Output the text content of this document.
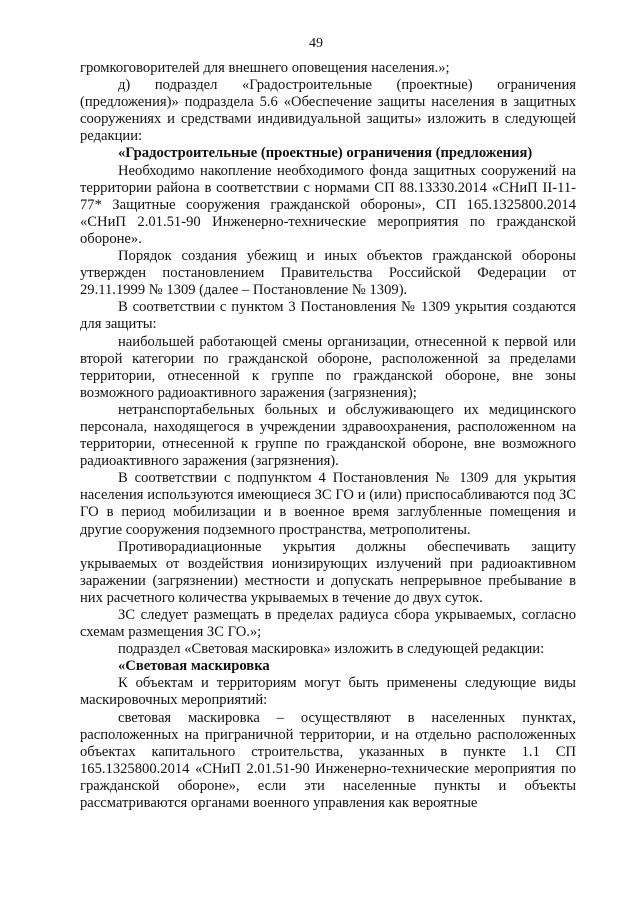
49

громкоговорителей для внешнего оповещения населения.»;

д) подраздел «Градостроительные (проектные) ограничения (предложения)» подраздела 5.6 «Обеспечение защиты населения в защитных сооружениях и средствами индивидуальной защиты» изложить в следующей редакции:

«Градостроительные (проектные) ограничения (предложения)

Необходимо накопление необходимого фонда защитных сооружений на территории района в соответствии с нормами СП 88.13330.2014 «СНиП II-11-77* Защитные сооружения гражданской обороны», СП 165.1325800.2014 «СНиП 2.01.51-90 Инженерно-технические мероприятия по гражданской обороне».

Порядок создания убежищ и иных объектов гражданской обороны утвержден постановлением Правительства Российской Федерации от 29.11.1999 № 1309 (далее – Постановление № 1309).

В соответствии с пунктом 3 Постановления № 1309 укрытия создаются для защиты:

наибольшей работающей смены организации, отнесенной к первой или второй категории по гражданской обороне, расположенной за пределами территории, отнесенной к группе по гражданской обороне, вне зоны возможного радиоактивного заражения (загрязнения);

нетранспортабельных больных и обслуживающего их медицинского персонала, находящегося в учреждении здравоохранения, расположенном на территории, отнесенной к группе по гражданской обороне, вне возможного радиоактивного заражения (загрязнения).

В соответствии с подпунктом 4 Постановления № 1309 для укрытия населения используются имеющиеся ЗС ГО и (или) приспосабливаются под ЗС ГО в период мобилизации и в военное время заглубленные помещения и другие сооружения подземного пространства, метрополитены.

Противорадиационные укрытия должны обеспечивать защиту укрываемых от воздействия ионизирующих излучений при радиоактивном заражении (загрязнении) местности и допускать непрерывное пребывание в них расчетного количества укрываемых в течение до двух суток.

ЗС следует размещать в пределах радиуса сбора укрываемых, согласно схемам размещения ЗС ГО.»;

подраздел «Световая маскировка» изложить в следующей редакции:

«Световая маскировка

К объектам и территориям могут быть применены следующие виды маскировочных мероприятий:

световая маскировка – осуществляют в населенных пунктах, расположенных на приграничной территории, и на отдельно расположенных объектах капитального строительства, указанных в пункте 1.1 СП 165.1325800.2014 «СНиП 2.01.51-90 Инженерно-технические мероприятия по гражданской обороне», если эти населенные пункты и объекты рассматриваются органами военного управления как вероятные
